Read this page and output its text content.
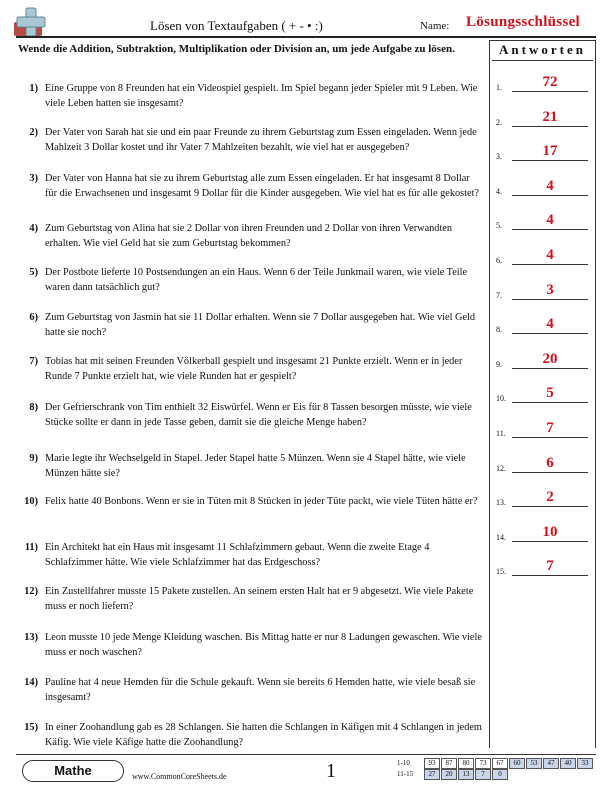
Lösen von Textaufgaben ( + - • :)	Name: Lösungsschlüssel
Wende die Addition, Subtraktion, Multiplikation oder Division an, um jede Aufgabe zu lösen.	Antworten
1.	72
2.	21
3.	17
4.	4
5.	4
6.	4
7.	3
8.	4
9.	20
10.	5
11.	7
12.	6
13.	2
14.	10
15.	7
1) Eine Gruppe von 8 Freunden hat ein Videospiel gespielt. Im Spiel begann jeder Spieler mit 9 Leben. Wie viele Leben hatten sie insgesamt?
2) Der Vater von Sarah hat sie und ein paar Freunde zu ihrem Geburtstag zum Essen eingeladen. Wenn jede Mahlzeit 3 Dollar kostet und ihr Vater 7 Mahlzeiten bezahlt, wie viel hat er ausgegeben?
3) Der Vater von Hanna hat sie zu ihrem Geburtstag alle zum Essen eingeladen. Er hat insgesamt 8 Dollar für die Erwachsenen und insgesamt 9 Dollar für die Kinder ausgegeben. Wie viel hat es für alle gekostet?
4) Zum Geburtstag von Alina hat sie 2 Dollar von ihren Freunden und 2 Dollar von ihren Verwandten erhalten. Wie viel Geld hat sie zum Geburtstag bekommen?
5) Der Postbote lieferte 10 Postsendungen an ein Haus. Wenn 6 der Teile Junkmail waren, wie viele Teile waren dann tatsächlich gut?
6) Zum Geburtstag von Jasmin hat sie 11 Dollar erhalten. Wenn sie 7 Dollar ausgegeben hat. Wie viel Geld hatte sie noch?
7) Tobias hat mit seinen Freunden Völkerball gespielt und insgesamt 21 Punkte erzielt. Wenn er in jeder Runde 7 Punkte erzielt hat, wie viele Runden hat er gespielt?
8) Der Gefrierschrank von Tim enthielt 32 Eiswürfel. Wenn er Eis für 8 Tassen besorgen müsste, wie viele Stücke sollte er dann in jede Tasse geben, damit sie die gleiche Menge haben?
9) Marie legte ihr Wechselgeld in Stapel. Jeder Stapel hatte 5 Münzen. Wenn sie 4 Stapel hätte, wie viele Münzen hätte sie?
10) Felix hatte 40 Bonbons. Wenn er sie in Tüten mit 8 Stücken in jeder Tüte packt, wie viele Tüten hätte er?
11) Ein Architekt hat ein Haus mit insgesamt 11 Schlafzimmern gebaut. Wenn die zweite Etage 4 Schlafzimmer hätte. Wie viele Schlafzimmer hat das Erdgeschoss?
12) Ein Zustellfahrer musste 15 Pakete zustellen. An seinem ersten Halt hat er 9 abgesetzt. Wie viele Pakete muss er noch liefern?
13) Leon musste 10 jede Menge Kleidung waschen. Bis Mittag hatte er nur 8 Ladungen gewaschen. Wie viele muss er noch waschen?
14) Pauline hat 4 neue Hemden für die Schule gekauft. Wenn sie bereits 6 Hemden hatte, wie viele besaß sie insgesamt?
15) In einer Zoohandlung gab es 28 Schlangen. Sie hatten die Schlangen in Käfigen mit 4 Schlangen in jedem Käfig. Wie viele Käfige hatte die Zoohandlung?
Mathe	www.CommonCoreSheets.de	1	1-10	93	87	80	73	67	60	53	47	40	33
11-15	27	20	13	7	0
